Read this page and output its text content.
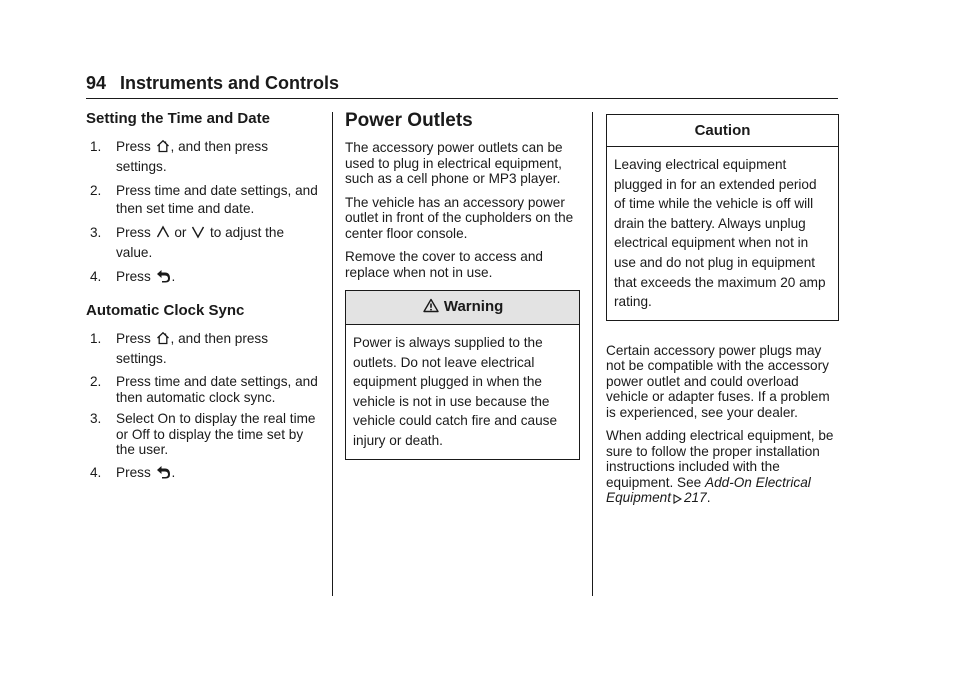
94 Instruments and Controls
Setting the Time and Date
1. Press , and then press settings.
2. Press time and date settings, and then set time and date.
3. Press or to adjust the value.
4. Press .
Automatic Clock Sync
1. Press , and then press settings.
2. Press time and date settings, and then automatic clock sync.
3. Select On to display the real time or Off to display the time set by the user.
4. Press .
Power Outlets

The accessory power outlets can be used to plug in electrical equipment, such as a cell phone or MP3 player.

The vehicle has an accessory power outlet in front of the cupholders on the center floor console.

Remove the cover to access and replace when not in use.

Warning

Power is always supplied to the outlets. Do not leave electrical equipment plugged in when the vehicle is not in use because the vehicle could catch fire and cause injury or death.

Caution

Leaving electrical equipment plugged in for an extended period of time while the vehicle is off will drain the battery. Always unplug electrical equipment when not in use and do not plug in equipment that exceeds the maximum 20 amp rating.

Certain accessory power plugs may not be compatible with the accessory power outlet and could overload vehicle or adapter fuses. If a problem is experienced, see your dealer.

When adding electrical equipment, be sure to follow the proper installation instructions included with the equipment. See Add-On Electrical Equipment 217.
